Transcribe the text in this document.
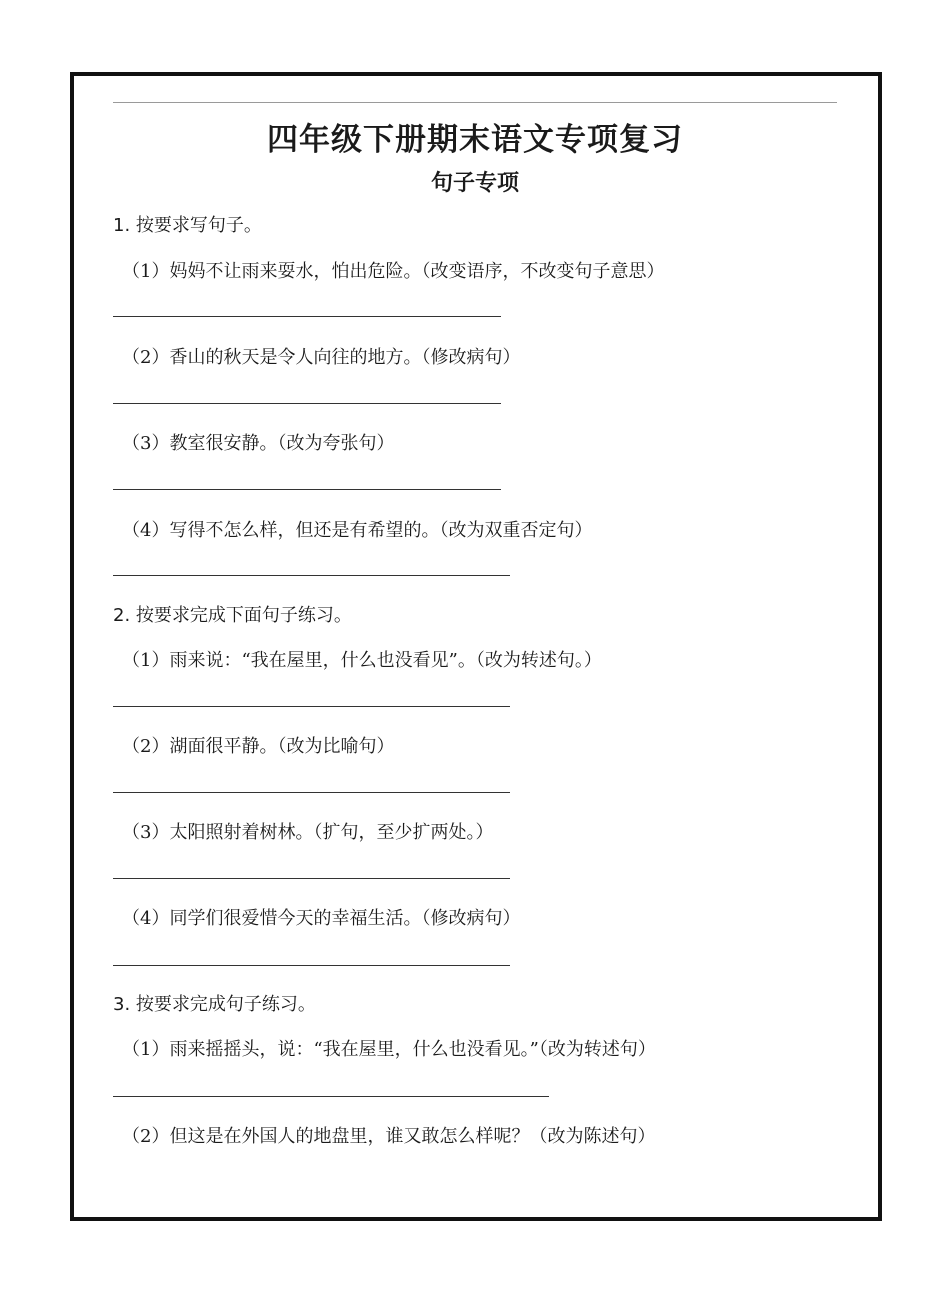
四年级下册期末语文专项复习
句子专项
1. 按要求写句子。
（1）妈妈不让雨来耍水，怕出危险。（改变语序，不改变句子意思）
（2）香山的秋天是令人向往的地方。（修改病句）
（3）教室很安静。（改为夸张句）
（4）写得不怎么样，但还是有希望的。（改为双重否定句）
2. 按要求完成下面句子练习。
（1）雨来说：“我在屋里，什么也没看见”。（改为转述句。）
（2）湖面很平静。（改为比喻句）
（3）太阳照射着树林。（扩句，至少扩两处。）
（4）同学们很爱惜今天的幸福生活。（修改病句）
3. 按要求完成句子练习。
（1）雨来摇摇头，说：“我在屋里，什么也没看见。”（改为转述句）
（2）但这是在外国人的地盘里，谁又敢怎么样呢？（改为陈述句）
